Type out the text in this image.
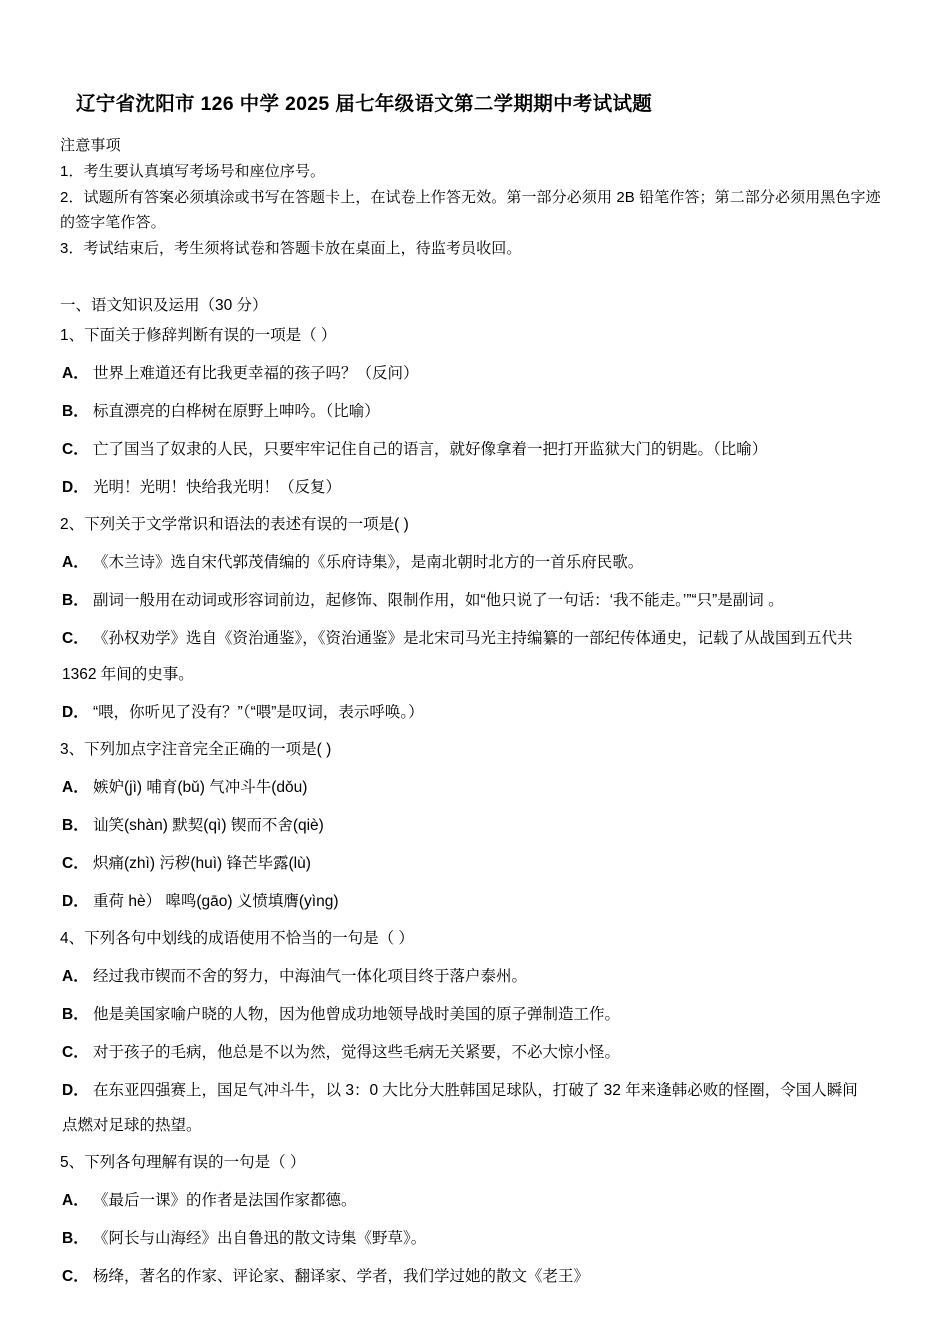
辽宁省沈阳市 126 中学 2025 届七年级语文第二学期期中考试试题
注意事项
1．考生要认真填写考场号和座位序号。
2．试题所有答案必须填涂或书写在答题卡上，在试卷上作答无效。第一部分必须用 2B 铅笔作答；第二部分必须用黑色字迹的签字笔作答。
3．考试结束后，考生须将试卷和答题卡放在桌面上，待监考员收回。
一、语文知识及运用（30 分）
1、下面关于修辞判断有误的一项是（ ）
A． 世界上难道还有比我更幸福的孩子吗？（反问）
B． 标直漂亮的白桦树在原野上呻吟。（比喻）
C． 亡了国当了奴隶的人民，只要牢牢记住自己的语言，就好像拿着一把打开监狱大门的钥匙。（比喻）
D． 光明！光明！快给我光明！（反复）
2、下列关于文学常识和语法的表述有误的一项是( )
A． 《木兰诗》选自宋代郭茂倩编的《乐府诗集》，是南北朝时北方的一首乐府民歌。
B． 副词一般用在动词或形容词前边，起修饰、限制作用，如“他只说了一句话：‘我不能走。’”“只”是副词 。
C． 《孙权劝学》选自《资治通鉴》，《资治通鉴》是北宋司马光主持编纂的一部纪传体通史，记载了从战国到五代共
1362 年间的史事。
D． “喂，你听见了没有？”（“喂”是叹词，表示呼唤。）
3、下列加点字注音完全正确的一项是( )
A． 嫉妒(jì) 哺育(bǔ) 气冲斗牛(dǒu)
B． 讪笑(shàn) 默契(qì) 锲而不舍(qiè)
C． 炽痛(zhì) 污秽(huì) 锋芒毕露(lù)
D． 重荷 hè） 嗥鸣(gāo) 义愤填膺(yìng)
4、下列各句中划线的成语使用不恰当的一句是（ ）
A． 经过我市锲而不舍的努力，中海油气一体化项目终于落户泰州。
B． 他是美国家喻户晓的人物，因为他曾成功地领导战时美国的原子弹制造工作。
C． 对于孩子的毛病，他总是不以为然，觉得这些毛病无关紧要，不必大惊小怪。
D． 在东亚四强赛上，国足气冲斗牛，以 3：0 大比分大胜韩国足球队，打破了 32 年来逢韩必败的怪圈，令国人瞬间
点燃对足球的热望。
5、下列各句理解有误的一句是（ ）
A． 《最后一课》的作者是法国作家都德。
B． 《阿长与山海经》出自鲁迅的散文诗集《野草》。
C． 杨绛，著名的作家、评论家、翻译家、学者，我们学过她的散文《老王》
